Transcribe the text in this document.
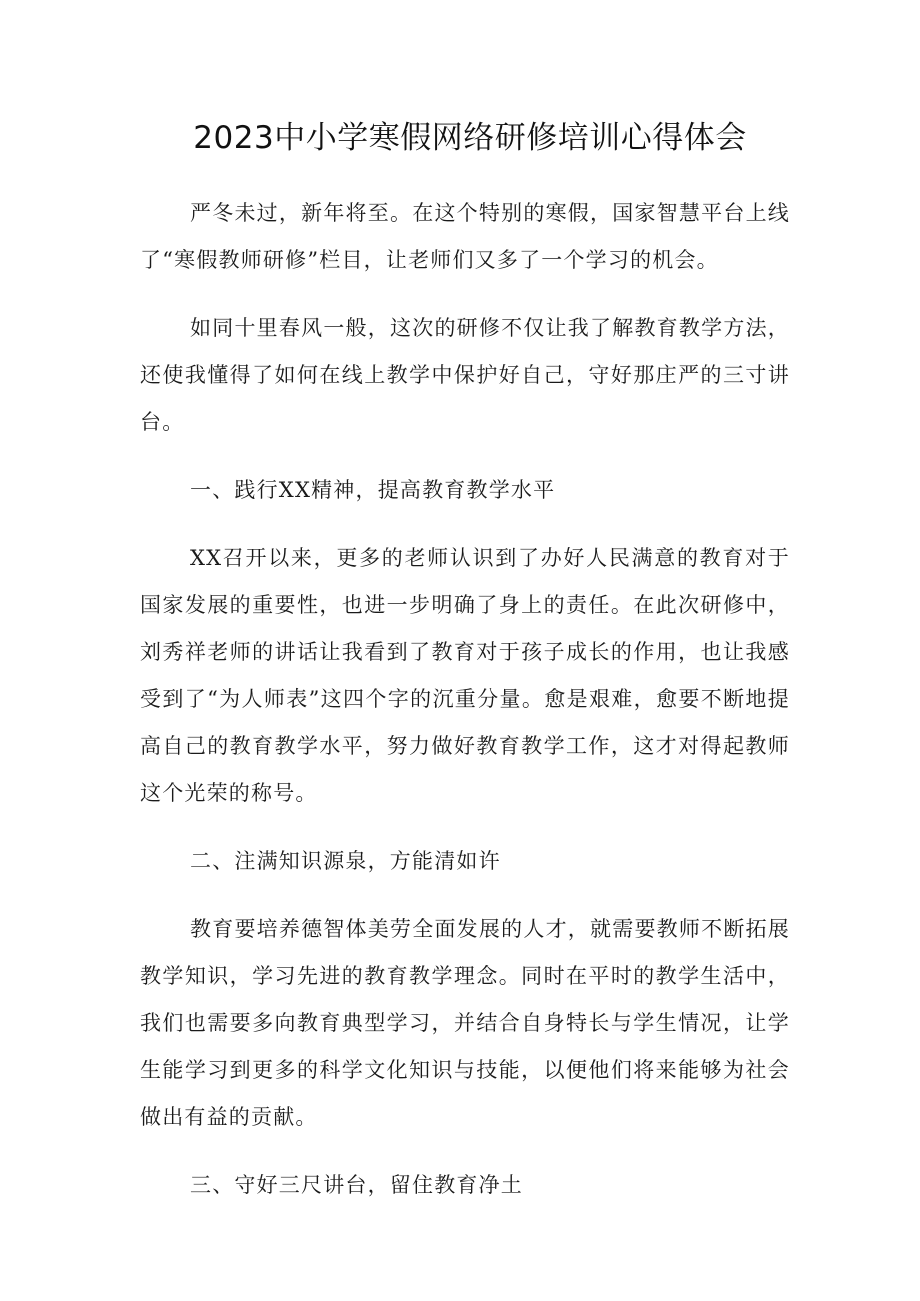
2023中小学寒假网络研修培训心得体会

严冬未过，新年将至。在这个特别的寒假，国家智慧平台上线了“寒假教师研修”栏目，让老师们又多了一个学习的机会。

如同十里春风一般，这次的研修不仅让我了解教育教学方法，还使我懂得了如何在线上教学中保护好自己，守好那庄严的三寸讲台。

一、践行XX精神，提高教育教学水平

XX召开以来，更多的老师认识到了办好人民满意的教育对于国家发展的重要性，也进一步明确了身上的责任。在此次研修中，刘秀祥老师的讲话让我看到了教育对于孩子成长的作用，也让我感受到了“为人师表”这四个字的沉重分量。愈是艰难，愈要不断地提高自己的教育教学水平，努力做好教育教学工作，这才对得起教师这个光荣的称号。

二、注满知识源泉，方能清如许

教育要培养德智体美劳全面发展的人才，就需要教师不断拓展教学知识，学习先进的教育教学理念。同时在平时的教学生活中，我们也需要多向教育典型学习，并结合自身特长与学生情况，让学生能学习到更多的科学文化知识与技能，以便他们将来能够为社会做出有益的贡献。

三、守好三尺讲台，留住教育净土
